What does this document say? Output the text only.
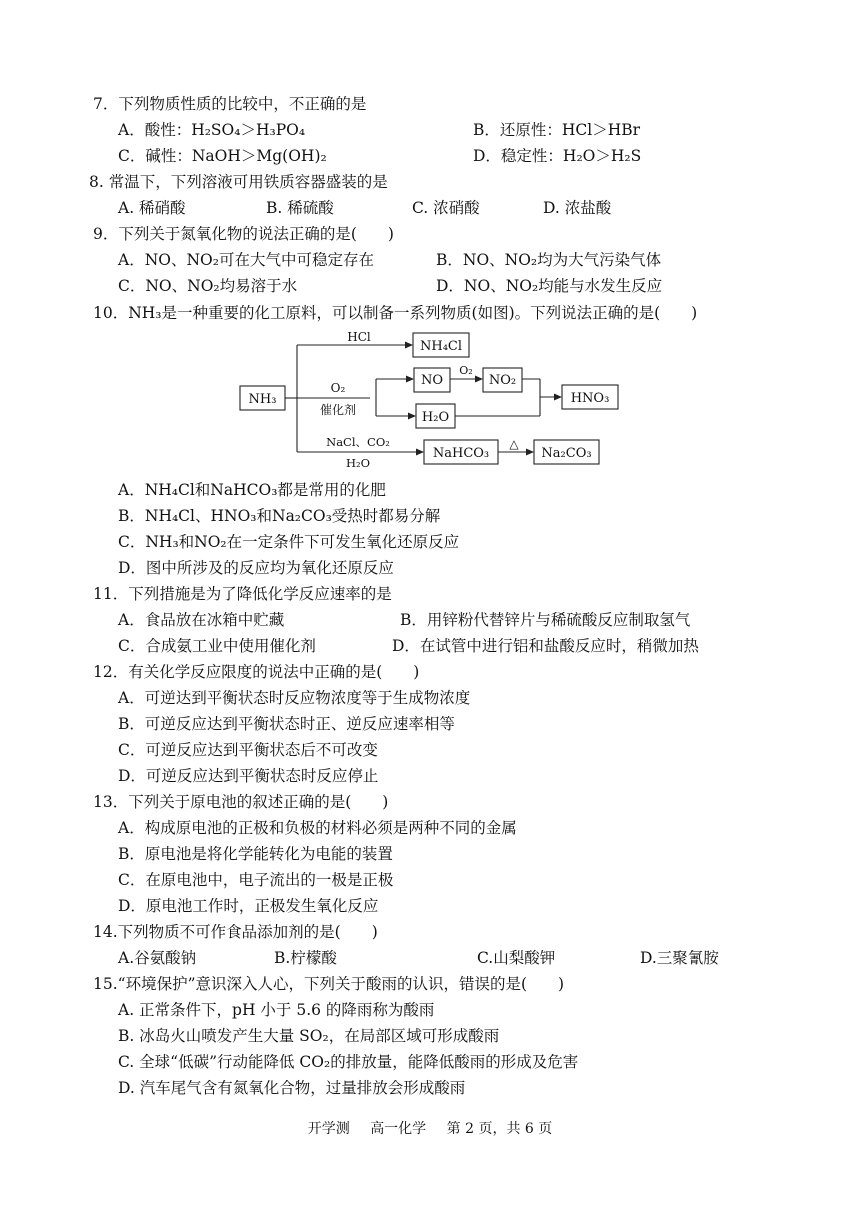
7．下列物质性质的比较中，不正确的是
A．酸性：H₂SO₄＞H₃PO₄	B．还原性：HCl＞HBr
C．碱性：NaOH＞Mg(OH)₂	D．稳定性：H₂O＞H₂S
8. 常温下，下列溶液可用铁质容器盛装的是
A. 稀硝酸	B. 稀硫酸	C. 浓硝酸	D. 浓盐酸
9．下列关于氮氧化物的说法正确的是(　　)
A．NO、NO₂可在大气中可稳定存在	B．NO、NO₂均为大气污染气体
C．NO、NO₂均易溶于水	D．NO、NO₂均能与水发生反应
10．NH₃是一种重要的化工原料，可以制备一系列物质(如图)。下列说法正确的是(　　)
NH₃
HCl
NH₄Cl
O₂
催化剂
NO
O₂
NO₂
H₂O
HNO₃
NaCl、CO₂
H₂O
NaHCO₃
△
Na₂CO₃
A．NH₄Cl和NaHCO₃都是常用的化肥
B．NH₄Cl、HNO₃和Na₂CO₃受热时都易分解
C．NH₃和NO₂在一定条件下可发生氧化还原反应
D．图中所涉及的反应均为氧化还原反应
11．下列措施是为了降低化学反应速率的是
A．食品放在冰箱中贮藏	B．用锌粉代替锌片与稀硫酸反应制取氢气
C．合成氨工业中使用催化剂	D．在试管中进行铝和盐酸反应时，稍微加热
12．有关化学反应限度的说法中正确的是(　　)
A．可逆达到平衡状态时反应物浓度等于生成物浓度
B．可逆反应达到平衡状态时正、逆反应速率相等
C．可逆反应达到平衡状态后不可改变
D．可逆反应达到平衡状态时反应停止
13．下列关于原电池的叙述正确的是(　　)
A．构成原电池的正极和负极的材料必须是两种不同的金属
B．原电池是将化学能转化为电能的装置
C．在原电池中，电子流出的一极是正极
D．原电池工作时，正极发生氧化反应
14.下列物质不可作食品添加剂的是(　　)
A.谷氨酸钠	B.柠檬酸	C.山梨酸钾	D.三聚氰胺
15.“环境保护”意识深入人心，下列关于酸雨的认识，错误的是(　　)
A. 正常条件下，pH 小于 5.6 的降雨称为酸雨
B. 冰岛火山喷发产生大量 SO₂，在局部区域可形成酸雨
C. 全球“低碳”行动能降低 CO₂的排放量，能降低酸雨的形成及危害
D. 汽车尾气含有氮氧化合物，过量排放会形成酸雨
开学测 高一化学 第 2 页，共 6 页
